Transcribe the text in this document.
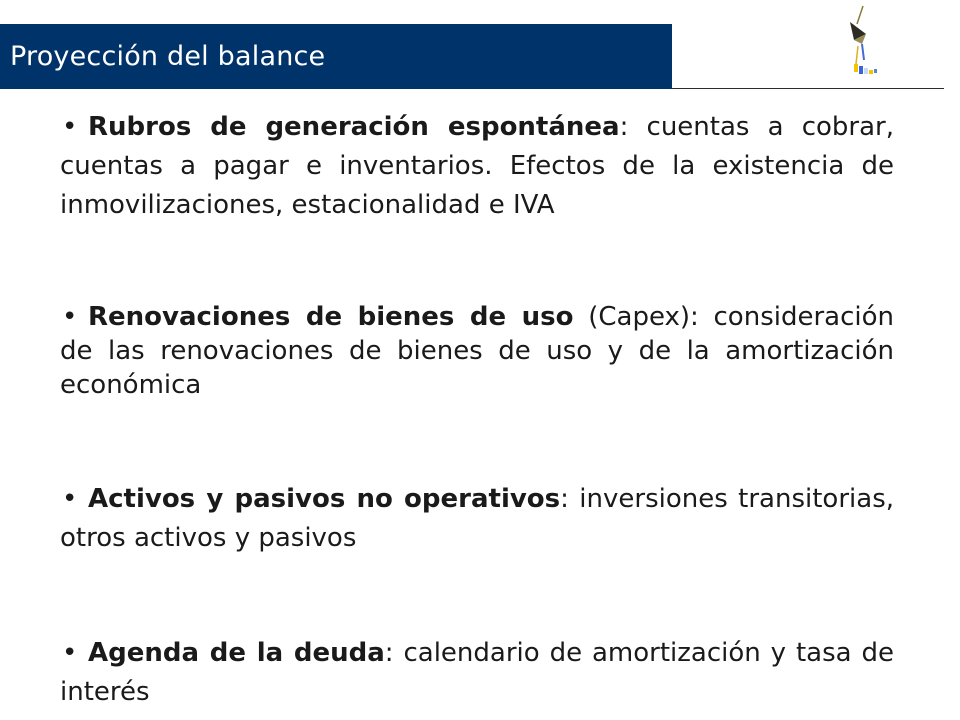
Proyección del balance
• Rubros de generación espontánea: cuentas a cobrar, cuentas a pagar e inventarios. Efectos de la existencia de inmovilizaciones, estacionalidad e IVA
• Renovaciones de bienes de uso (Capex): consideración de las renovaciones de bienes de uso y de la amortización económica
• Activos y pasivos no operativos: inversiones transitorias, otros activos y pasivos
• Agenda de la deuda: calendario de amortización y tasa de interés
